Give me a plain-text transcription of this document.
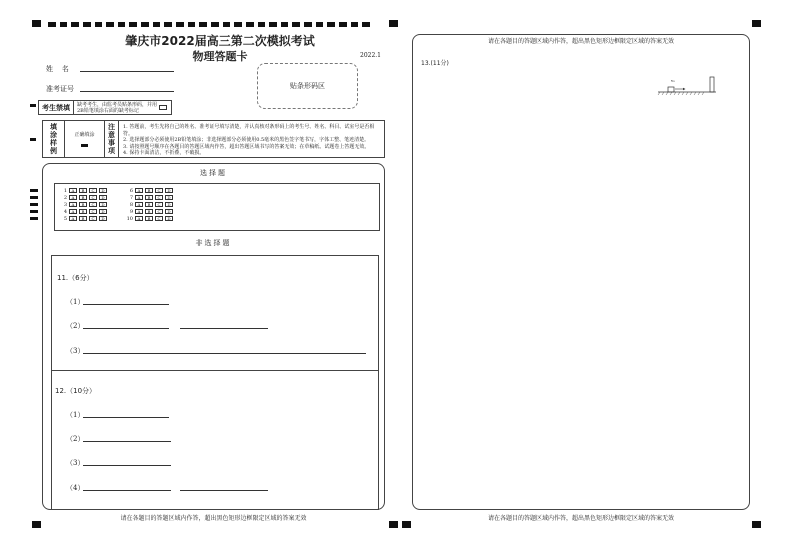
肇庆市2022届高三第二次模拟考试
物理答题卡	2022.1
姓    名
准考证号	贴条形码区
考生禁填	缺考考生，由监考员贴条形码，并用2B铅笔填涂右面的缺考标记
填涂样例	正确填涂	注意事项	1. 答题前，考生先将自己的姓名、准考证号填写清楚，并认真核对条形码上的考生号、姓名、科目、试室号是否相符。
2. 选择题部分必须使用2B铅笔填涂；非选择题部分必须使用0.5毫米的黑色签字笔书写，字体工整、笔迹清楚。
3. 请按照题号顺序在各题目的答题区域内作答，超出答题区域书写的答案无效；在草稿纸、试题卷上答题无效。
4. 保持卡面清洁，不折叠，不破损。
选择题
非选择题
1	A	B	C	D
2	A	B	C	D
3	A	B	C	D
4	A	B	C	D
5	A	B	C	D
6	A	B	C	D
7	A	B	C	D
8	A	B	C	D
9	A	B	C	D
10	A	B	C	D
11.（6分）
（1）
（2）
（3）
12.（10分）
（1）
（2）
（3）
（4）
请在各题目的答题区域内作答，超出黑色矩形边框限定区域的答案无效
请在各题目的答题区域内作答，超出黑色矩形边框限定区域的答案无效
13.(11分)
v₀
请在各题目的答题区域内作答，超出黑色矩形边框限定区域的答案无效
